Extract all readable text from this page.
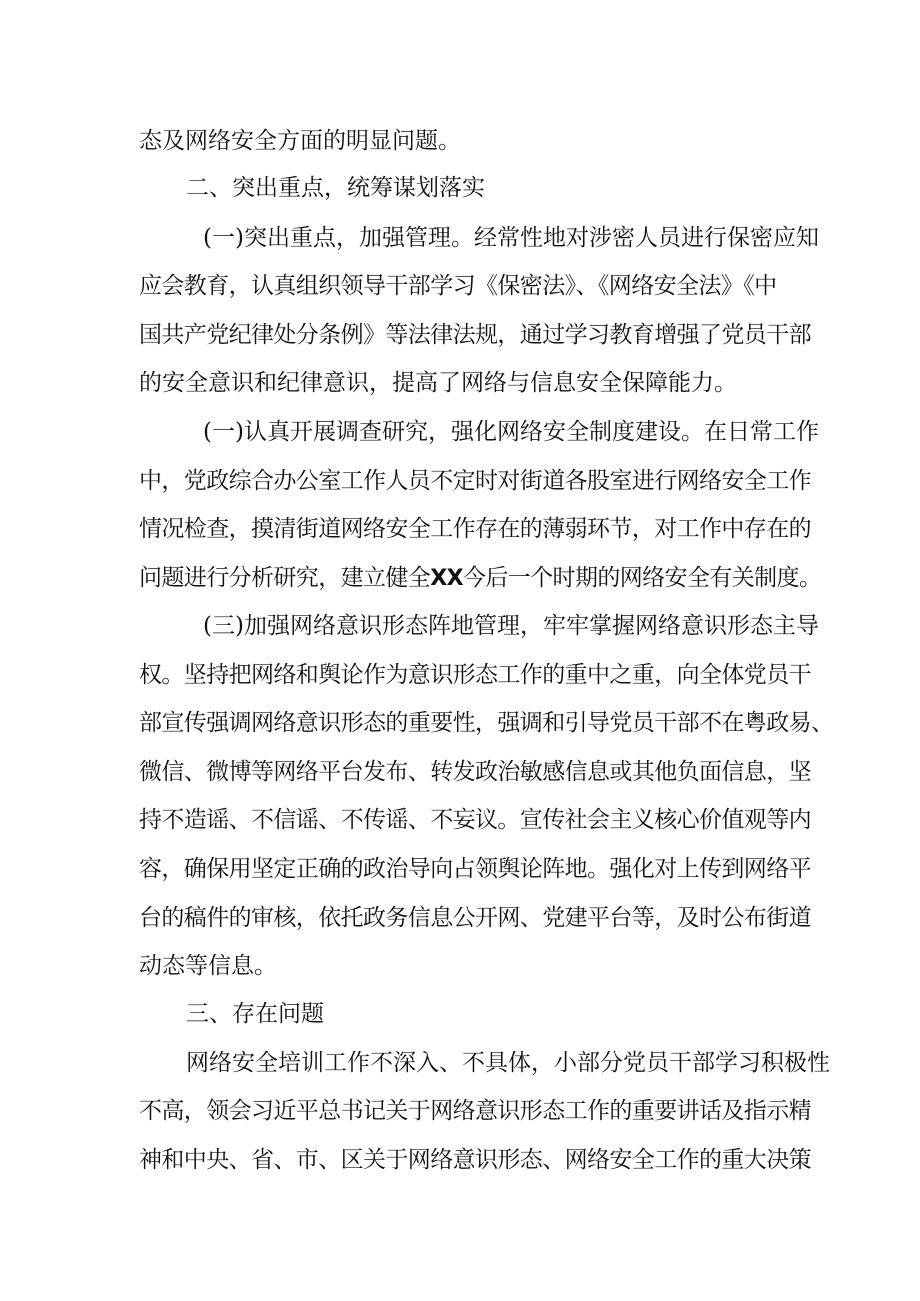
态及网络安全方面的明显问题。
二、突出重点，统筹谋划落实
(一)突出重点，加强管理。经常性地对涉密人员进行保密应知
应会教育，认真组织领导干部学习《保密法》、《网络安全法》《中
国共产党纪律处分条例》等法律法规，通过学习教育增强了党员干部
的安全意识和纪律意识，提高了网络与信息安全保障能力。
(一)认真开展调查研究，强化网络安全制度建设。在日常工作
中，党政综合办公室工作人员不定时对街道各股室进行网络安全工作
情况检查，摸清街道网络安全工作存在的薄弱环节，对工作中存在的
问题进行分析研究，建立健全XX今后一个时期的网络安全有关制度。
(三)加强网络意识形态阵地管理，牢牢掌握网络意识形态主导
权。坚持把网络和舆论作为意识形态工作的重中之重，向全体党员干
部宣传强调网络意识形态的重要性，强调和引导党员干部不在粤政易、
微信、微博等网络平台发布、转发政治敏感信息或其他负面信息，坚
持不造谣、不信谣、不传谣、不妄议。宣传社会主义核心价值观等内
容，确保用坚定正确的政治导向占领舆论阵地。强化对上传到网络平
台的稿件的审核，依托政务信息公开网、党建平台等，及时公布街道
动态等信息。
三、存在问题
网络安全培训工作不深入、不具体，小部分党员干部学习积极性
不高，领会习近平总书记关于网络意识形态工作的重要讲话及指示精
神和中央、省、市、区关于网络意识形态、网络安全工作的重大决策
